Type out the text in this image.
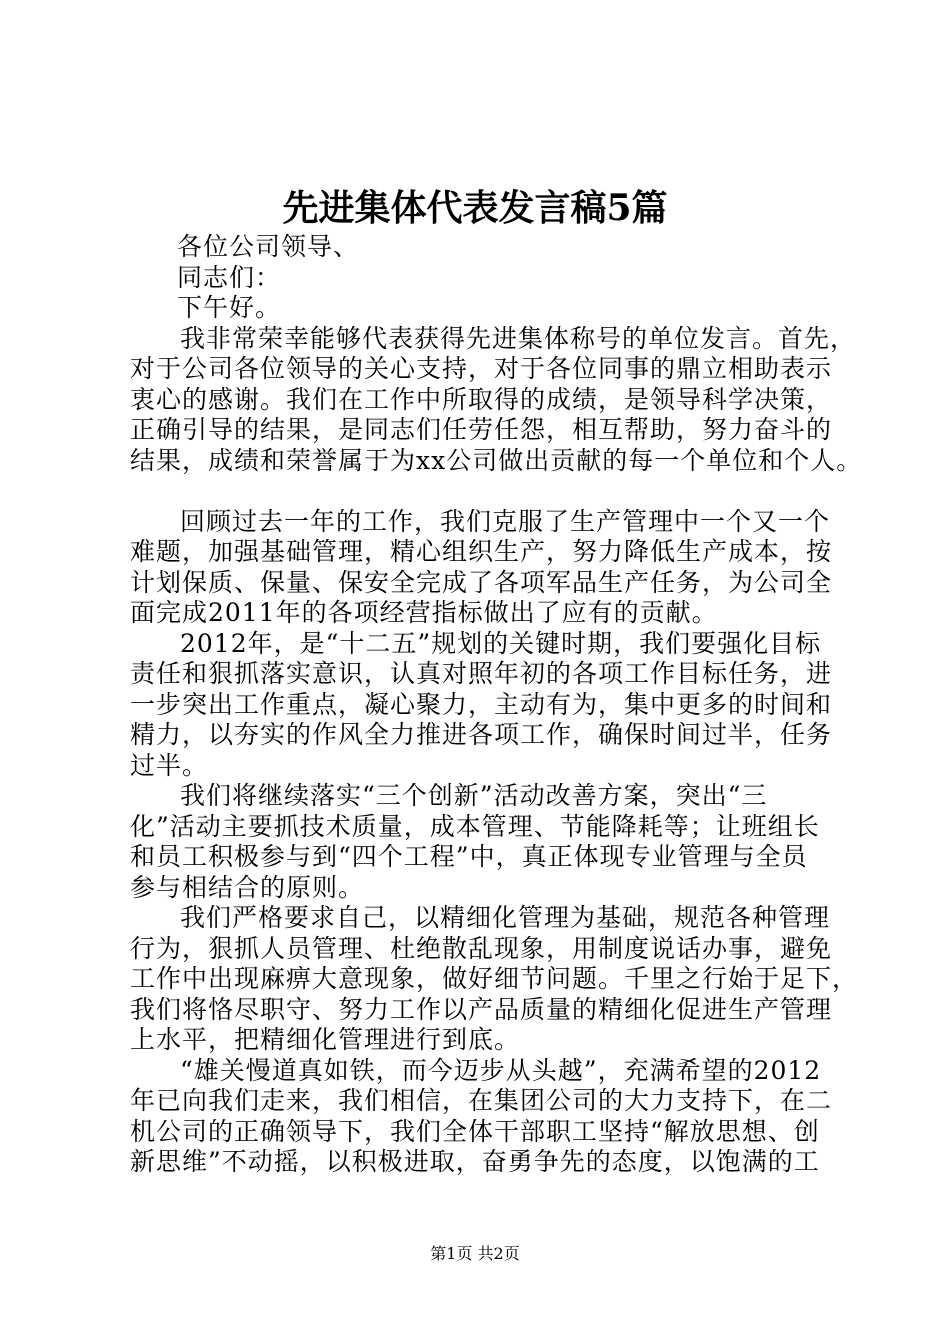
先进集体代表发言稿5篇
各位公司领导、
同志们：
下午好。
我非常荣幸能够代表获得先进集体称号的单位发言。首先，
对于公司各位领导的关心支持，对于各位同事的鼎立相助表示
衷心的感谢。我们在工作中所取得的成绩，是领导科学决策，
正确引导的结果，是同志们任劳任怨，相互帮助，努力奋斗的
结果，成绩和荣誉属于为xx公司做出贡献的每一个单位和个人。
回顾过去一年的工作，我们克服了生产管理中一个又一个
难题，加强基础管理，精心组织生产，努力降低生产成本，按
计划保质、保量、保安全完成了各项军品生产任务，为公司全
面完成2011年的各项经营指标做出了应有的贡献。
2012年，是“十二五”规划的关键时期，我们要强化目标
责任和狠抓落实意识，认真对照年初的各项工作目标任务，进
一步突出工作重点，凝心聚力，主动有为，集中更多的时间和
精力，以夯实的作风全力推进各项工作，确保时间过半，任务
过半。
我们将继续落实“三个创新”活动改善方案，突出“三
化”活动主要抓技术质量，成本管理、节能降耗等；让班组长
和员工积极参与到“四个工程”中，真正体现专业管理与全员
参与相结合的原则。
我们严格要求自己，以精细化管理为基础，规范各种管理
行为，狠抓人员管理、杜绝散乱现象，用制度说话办事，避免
工作中出现麻痹大意现象，做好细节问题。千里之行始于足下，
我们将恪尽职守、努力工作以产品质量的精细化促进生产管理
上水平，把精细化管理进行到底。
“雄关慢道真如铁，而今迈步从头越”，充满希望的2012
年已向我们走来，我们相信，在集团公司的大力支持下，在二
机公司的正确领导下，我们全体干部职工坚持“解放思想、创
新思维”不动摇，以积极进取，奋勇争先的态度，以饱满的工
第1页 共2页
